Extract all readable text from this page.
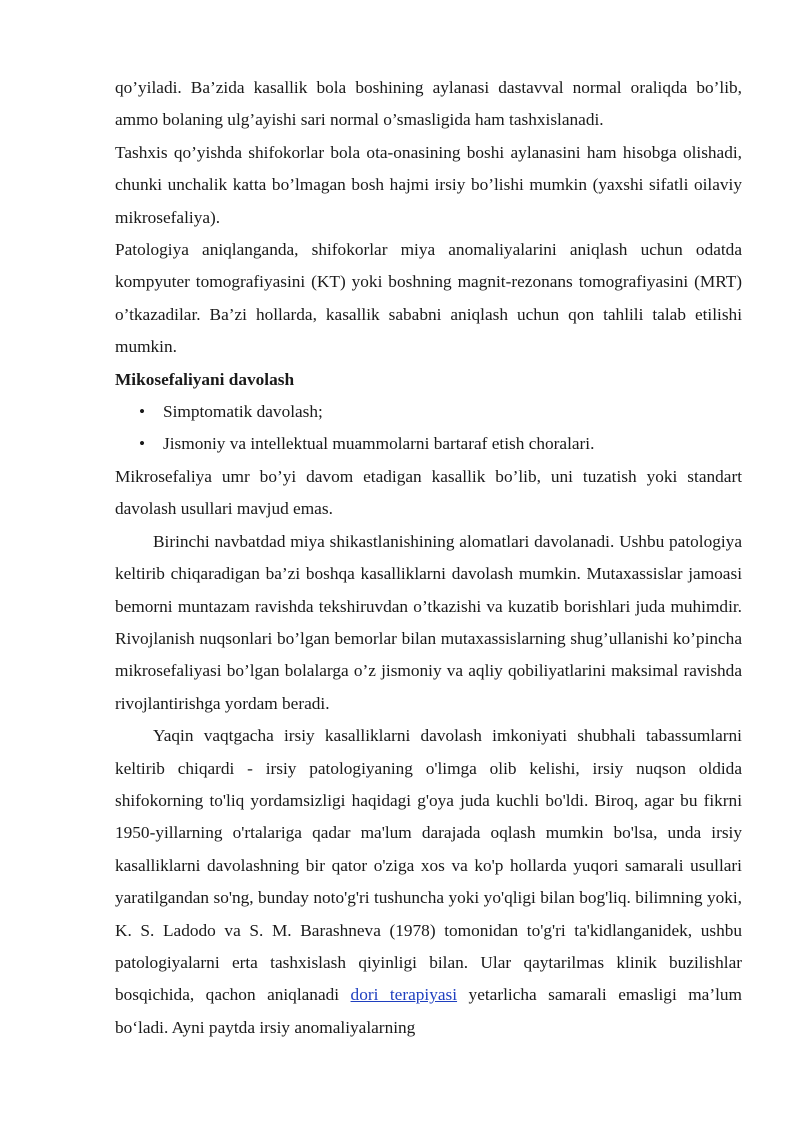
qo’yiladi. Ba’zida kasallik bola boshining aylanasi dastavval normal oraliqda bo’lib, ammo bolaning ulg’ayishi sari normal o’smasligida ham tashxislanadi.

Tashxis qo’yishda shifokorlar bola ota-onasining boshi aylanasini ham hisobga olishadi, chunki unchalik katta bo’lmagan bosh hajmi irsiy bo’lishi mumkin (yaxshi sifatli oilaviy mikrosefaliya).

Patologiya aniqlanganda, shifokorlar miya anomaliyalarini aniqlash uchun odatda kompyuter tomografiyasini (KT) yoki boshning magnit-rezonans tomografiyasini (MRT) o’tkazadilar. Ba’zi hollarda, kasallik sababni aniqlash uchun qon tahlili talab etilishi mumkin.

Mikosefaliyani davolash
• Simptomatik davolash;
• Jismoniy va intellektual muammolarni bartaraf etish choralari.

Mikrosefaliya umr bo’yi davom etadigan kasallik bo’lib, uni tuzatish yoki standart davolash usullari mavjud emas.

Birinchi navbatdad miya shikastlanishining alomatlari davolanadi. Ushbu patologiya keltirib chiqaradigan ba’zi boshqa kasalliklarni davolash mumkin. Mutaxassislar jamoasi bemorni muntazam ravishda tekshiruvdan o’tkazishi va kuzatib borishlari juda muhimdir. Rivojlanish nuqsonlari bo’lgan bemorlar bilan mutaxassislarning shug’ullanishi ko’pincha mikrosefaliyasi bo’lgan bolalarga o’z jismoniy va aqliy qobiliyatlarini maksimal ravishda rivojlantirishga yordam beradi.

Yaqin vaqtgacha irsiy kasalliklarni davolash imkoniyati shubhali tabassumlarni keltirib chiqardi - irsiy patologiyaning o'limga olib kelishi, irsiy nuqson oldida shifokorning to'liq yordamsizligi haqidagi g'oya juda kuchli bo'ldi. Biroq, agar bu fikrni 1950-yillarning o'rtalariga qadar ma'lum darajada oqlash mumkin bo'lsa, unda irsiy kasalliklarni davolashning bir qator o'ziga xos va ko'p hollarda yuqori samarali usullari yaratilgandan so'ng, bunday noto'g'ri tushuncha yoki yo'qligi bilan bog'liq. bilimning yoki, K. S. Ladodo va S. M. Barashneva (1978) tomonidan to'g'ri ta'kidlanganidek, ushbu patologiyalarni erta tashxislash qiyinligi bilan. Ular qaytarilmas klinik buzilishlar bosqichida, qachon aniqlanadi dori terapiyasi yetarlicha samarali emasligi ma’lum bo‘ladi. Ayni paytda irsiy anomaliyalarning
